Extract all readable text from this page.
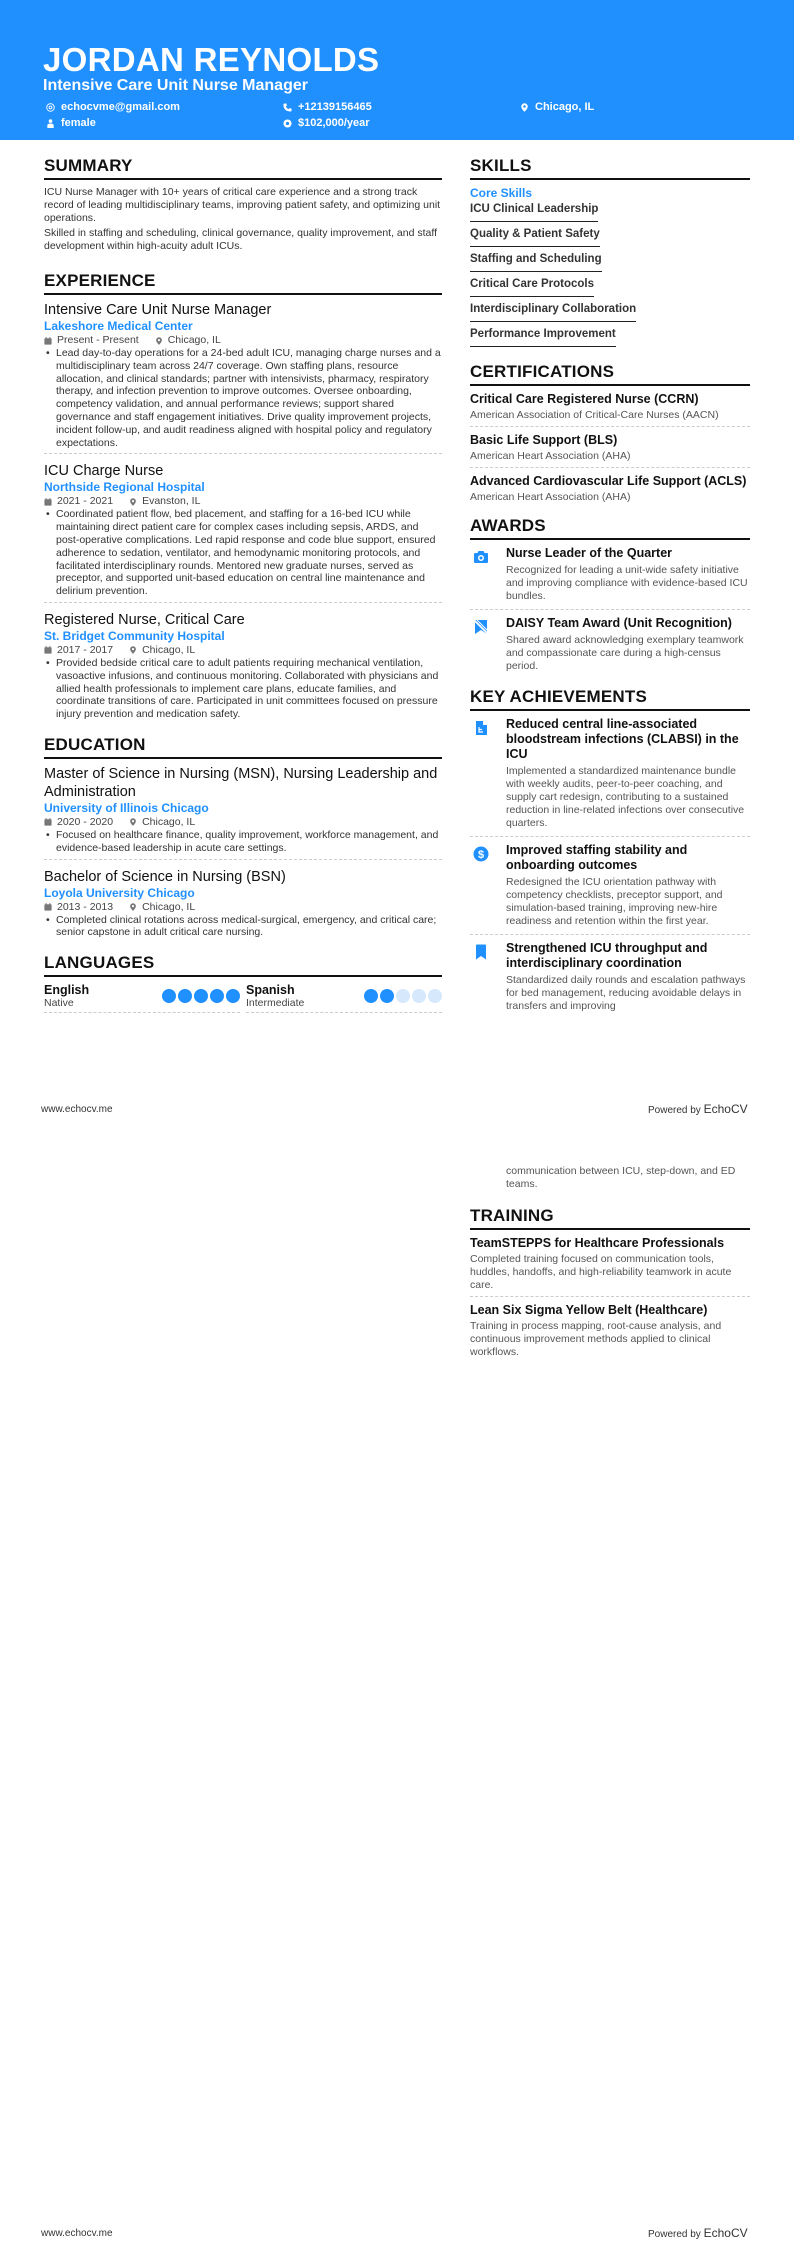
JORDAN REYNOLDS
Intensive Care Unit Nurse Manager
echocvme@gmail.com	+12139156465	Chicago, IL
female	$102,000/year
SUMMARY
ICU Nurse Manager with 10+ years of critical care experience and a strong track record of leading multidisciplinary teams, improving patient safety, and optimizing unit operations.
Skilled in staffing and scheduling, clinical governance, quality improvement, and staff development within high-acuity adult ICUs.
EXPERIENCE
Intensive Care Unit Nurse Manager
Lakeshore Medical Center
Present - Present	Chicago, IL
• Lead day-to-day operations for a 24-bed adult ICU, managing charge nurses and a multidisciplinary team across 24/7 coverage. Own staffing plans, resource allocation, and clinical standards; partner with intensivists, pharmacy, respiratory therapy, and infection prevention to improve outcomes. Oversee onboarding, competency validation, and annual performance reviews; support shared governance and staff engagement initiatives. Drive quality improvement projects, incident follow-up, and audit readiness aligned with hospital policy and regulatory expectations.
ICU Charge Nurse
Northside Regional Hospital
2021 - 2021	Evanston, IL
• Coordinated patient flow, bed placement, and staffing for a 16-bed ICU while maintaining direct patient care for complex cases including sepsis, ARDS, and post-operative complications. Led rapid response and code blue support, ensured adherence to sedation, ventilator, and hemodynamic monitoring protocols, and facilitated interdisciplinary rounds. Mentored new graduate nurses, served as preceptor, and supported unit-based education on central line maintenance and delirium prevention.
Registered Nurse, Critical Care
St. Bridget Community Hospital
2017 - 2017	Chicago, IL
• Provided bedside critical care to adult patients requiring mechanical ventilation, vasoactive infusions, and continuous monitoring. Collaborated with physicians and allied health professionals to implement care plans, educate families, and coordinate transitions of care. Participated in unit committees focused on pressure injury prevention and medication safety.
EDUCATION
Master of Science in Nursing (MSN), Nursing Leadership and Administration
University of Illinois Chicago
2020 - 2020	Chicago, IL
• Focused on healthcare finance, quality improvement, workforce management, and evidence-based leadership in acute care settings.
Bachelor of Science in Nursing (BSN)
Loyola University Chicago
2013 - 2013	Chicago, IL
• Completed clinical rotations across medical-surgical, emergency, and critical care; senior capstone in adult critical care nursing.
LANGUAGES
English
Native
Spanish
Intermediate
SKILLS
Core Skills
ICU Clinical Leadership
Quality & Patient Safety
Staffing and Scheduling
Critical Care Protocols
Interdisciplinary Collaboration
Performance Improvement
CERTIFICATIONS
Critical Care Registered Nurse (CCRN)
American Association of Critical-Care Nurses (AACN)
Basic Life Support (BLS)
American Heart Association (AHA)
Advanced Cardiovascular Life Support (ACLS)
American Heart Association (AHA)
AWARDS
Nurse Leader of the Quarter
Recognized for leading a unit-wide safety initiative and improving compliance with evidence-based ICU bundles.
DAISY Team Award (Unit Recognition)
Shared award acknowledging exemplary teamwork and compassionate care during a high-census period.
KEY ACHIEVEMENTS
Reduced central line-associated bloodstream infections (CLABSI) in the ICU
Implemented a standardized maintenance bundle with weekly audits, peer-to-peer coaching, and supply cart redesign, contributing to a sustained reduction in line-related infections over consecutive quarters.
$ Improved staffing stability and onboarding outcomes
Redesigned the ICU orientation pathway with competency checklists, preceptor support, and simulation-based training, improving new-hire readiness and retention within the first year.
Strengthened ICU throughput and interdisciplinary coordination
Standardized daily rounds and escalation pathways for bed management, reducing avoidable delays in transfers and improving
www.echocv.me	Powered by EchoCV
communication between ICU, step-down, and ED teams.
TRAINING
TeamSTEPPS for Healthcare Professionals
Completed training focused on communication tools, huddles, handoffs, and high-reliability teamwork in acute care.
Lean Six Sigma Yellow Belt (Healthcare)
Training in process mapping, root-cause analysis, and continuous improvement methods applied to clinical workflows.
www.echocv.me	Powered by EchoCV
